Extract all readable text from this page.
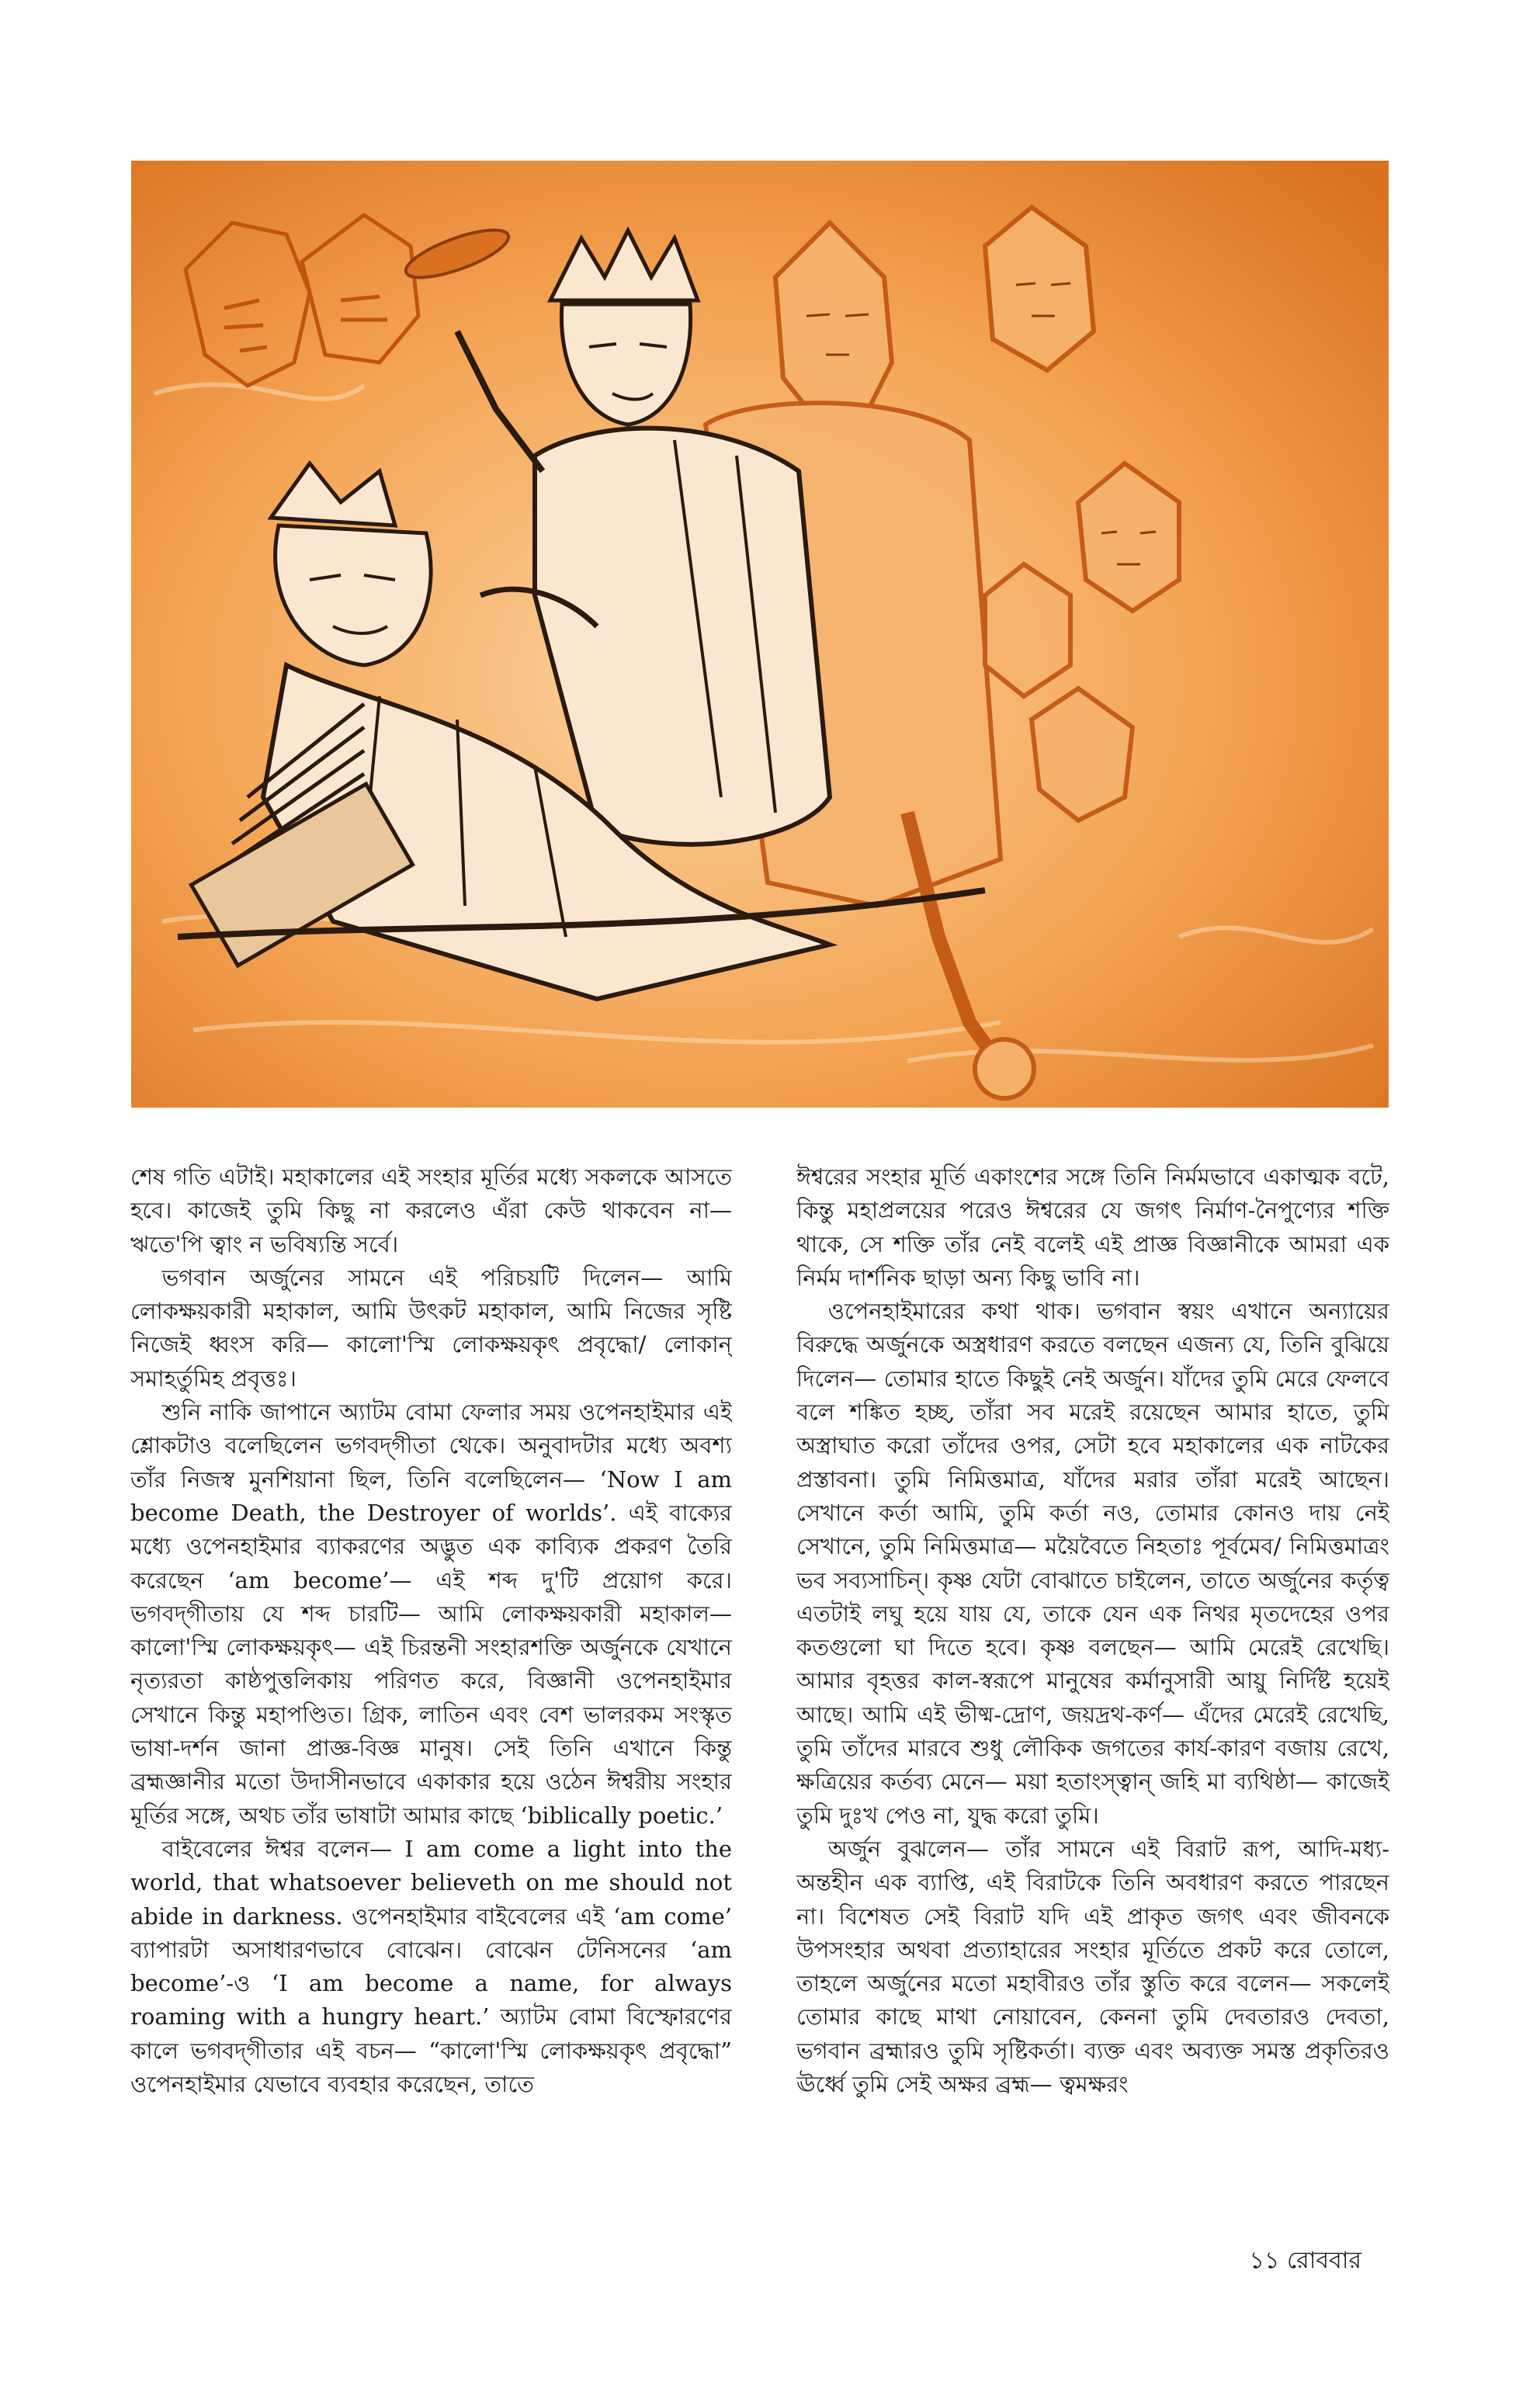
শেষ গতি এটাই। মহাকালের এই সংহার মূর্তির মধ্যে সকলকে আসতে হবে। কাজেই তুমি কিছু না করলেও এঁরা কেউ থাকবেন না— ঋতে'পি ত্বাং ন ভবিষ্যন্তি সর্বে।

ভগবান অর্জুনের সামনে এই পরিচয়টি দিলেন— আমি লোকক্ষয়কারী মহাকাল, আমি উৎকট মহাকাল, আমি নিজের সৃষ্টি নিজেই ধ্বংস করি— কালো'স্মি লোকক্ষয়কৃৎ প্রবৃদ্ধো/ লোকান্‌ সমাহর্তুমিহ প্রবৃত্তঃ।

শুনি নাকি জাপানে অ্যাটম বোমা ফেলার সময় ওপেনহাইমার এই শ্লোকটাও বলেছিলেন ভগবদ্‌গীতা থেকে। অনুবাদটার মধ্যে অবশ্য তাঁর নিজস্ব মুনশিয়ানা ছিল, তিনি বলেছিলেন— ‘Now I am become Death, the Destroyer of worlds’. এই বাক্যের মধ্যে ওপেনহাইমার ব্যাকরণের অদ্ভুত এক কাব্যিক প্রকরণ তৈরি করেছেন ‘am become’— এই শব্দ দু'টি প্রয়োগ করে। ভগবদ্‌গীতায় যে শব্দ চারটি— আমি লোকক্ষয়কারী মহাকাল— কালো'স্মি লোকক্ষয়কৃৎ— এই চিরন্তনী সংহারশক্তি অর্জুনকে যেখানে নৃত্যরতা কাষ্ঠপুত্তলিকায় পরিণত করে, বিজ্ঞানী ওপেনহাইমার সেখানে কিন্তু মহাপণ্ডিত। গ্রিক, লাতিন এবং বেশ ভালরকম সংস্কৃত ভাষা-দর্শন জানা প্রাজ্ঞ-বিজ্ঞ মানুষ। সেই তিনি এখানে কিন্তু ব্রহ্মজ্ঞানীর মতো উদাসীনভাবে একাকার হয়ে ওঠেন ঈশ্বরীয় সংহার মূর্তির সঙ্গে, অথচ তাঁর ভাষাটা আমার কাছে ‘biblically poetic.’

বাইবেলের ঈশ্বর বলেন— I am come a light into the world, that whatsoever believeth on me should not abide in darkness. ওপেনহাইমার বাইবেলের এই ‘am come’ ব্যাপারটা অসাধারণভাবে বোঝেন। বোঝেন টেনিসনের ‘am become’-ও ‘I am become a name, for always roaming with a hungry heart.’ অ্যাটম বোমা বিস্ফোরণের কালে ভগবদ্‌গীতার এই বচন— “কালো'স্মি লোকক্ষয়কৃৎ প্রবৃদ্ধো” ওপেনহাইমার যেভাবে ব্যবহার করেছেন, তাতে

ঈশ্বরের সংহার মূর্তি একাংশের সঙ্গে তিনি নির্মমভাবে একাত্মক বটে, কিন্তু মহাপ্রলয়ের পরেও ঈশ্বরের যে জগৎ নির্মাণ-নৈপুণ্যের শক্তি থাকে, সে শক্তি তাঁর নেই বলেই এই প্রাজ্ঞ বিজ্ঞানীকে আমরা এক নির্মম দার্শনিক ছাড়া অন্য কিছু ভাবি না।

ওপেনহাইমারের কথা থাক। ভগবান স্বয়ং এখানে অন্যায়ের বিরুদ্ধে অর্জুনকে অস্ত্রধারণ করতে বলছেন এজন্য যে, তিনি বুঝিয়ে দিলেন— তোমার হাতে কিছুই নেই অর্জুন। যাঁদের তুমি মেরে ফেলবে বলে শঙ্কিত হচ্ছ, তাঁরা সব মরেই রয়েছেন আমার হাতে, তুমি অস্ত্রাঘাত করো তাঁদের ওপর, সেটা হবে মহাকালের এক নাটকের প্রস্তাবনা। তুমি নিমিত্তমাত্র, যাঁদের মরার তাঁরা মরেই আছেন। সেখানে কর্তা আমি, তুমি কর্তা নও, তোমার কোনও দায় নেই সেখানে, তুমি নিমিত্তমাত্র— ময়ৈবৈতে নিহতাঃ পূর্বমেব/ নিমিত্তমাত্রং ভব সব্যসাচিন্‌। কৃষ্ণ যেটা বোঝাতে চাইলেন, তাতে অর্জুনের কর্তৃত্ব এতটাই লঘু হয়ে যায় যে, তাকে যেন এক নিথর মৃতদেহের ওপর কতগুলো ঘা দিতে হবে। কৃষ্ণ বলছেন— আমি মেরেই রেখেছি। আমার বৃহত্তর কাল-স্বরূপে মানুষের কর্মানুসারী আয়ু নির্দিষ্ট হয়েই আছে। আমি এই ভীষ্ম-দ্রোণ, জয়দ্রথ-কর্ণ— এঁদের মেরেই রেখেছি, তুমি তাঁদের মারবে শুধু লৌকিক জগতের কার্য-কারণ বজায় রেখে, ক্ষত্রিয়ের কর্তব্য মেনে— ময়া হতাংস্ত্বান্‌ জহি মা ব্যথিষ্ঠা— কাজেই তুমি দুঃখ পেও না, যুদ্ধ করো তুমি।

অর্জুন বুঝলেন— তাঁর সামনে এই বিরাট রূপ, আদি-মধ্য-অন্তহীন এক ব্যাপ্তি, এই বিরাটকে তিনি অবধারণ করতে পারছেন না। বিশেষত সেই বিরাট যদি এই প্রাকৃত জগৎ এবং জীবনকে উপসংহার অথবা প্রত্যাহারের সংহার মূর্তিতে প্রকট করে তোলে, তাহলে অর্জুনের মতো মহাবীরও তাঁর স্তুতি করে বলেন— সকলেই তোমার কাছে মাথা নোয়াবেন, কেননা তুমি দেবতারও দেবতা, ভগবান ব্রহ্মারও তুমি সৃষ্টিকর্তা। ব্যক্ত এবং অব্যক্ত সমস্ত প্রকৃতিরও ঊর্ধ্বে তুমি সেই অক্ষর ব্রহ্ম— ত্বমক্ষরং

১১ রোববার
